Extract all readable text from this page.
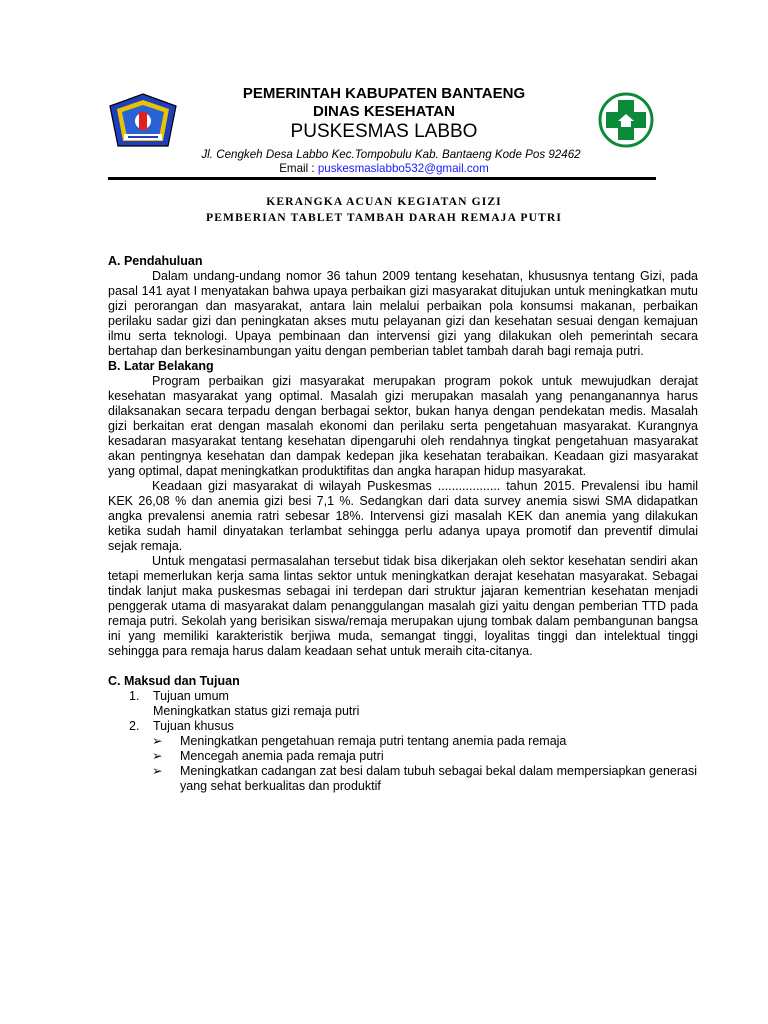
PEMERINTAH KABUPATEN BANTAENG
DINAS KESEHATAN
PUSKESMAS LABBO
Jl. Cengkeh Desa Labbo Kec.Tompobulu Kab. Bantaeng Kode Pos 92462
Email : puskesmaslabbo532@gmail.com
KERANGKA ACUAN KEGIATAN GIZI
PEMBERIAN TABLET TAMBAH DARAH REMAJA PUTRI

A. Pendahuluan

Dalam undang-undang nomor 36 tahun 2009 tentang kesehatan, khususnya tentang Gizi, pada pasal 141 ayat I menyatakan bahwa upaya perbaikan gizi masyarakat ditujukan untuk meningkatkan mutu gizi perorangan dan masyarakat, antara lain melalui perbaikan pola konsumsi makanan, perbaikan perilaku sadar gizi dan peningkatan akses mutu pelayanan gizi dan kesehatan sesuai dengan kemajuan ilmu serta teknologi. Upaya pembinaan dan intervensi gizi yang dilakukan oleh pemerintah secara bertahap dan berkesinambungan yaitu dengan pemberian tablet tambah darah bagi remaja putri.

B. Latar Belakang

Program perbaikan gizi masyarakat merupakan program pokok untuk mewujudkan derajat kesehatan masyarakat yang optimal. Masalah gizi merupakan masalah yang penanganannya harus dilaksanakan secara terpadu dengan berbagai sektor, bukan hanya dengan pendekatan medis. Masalah gizi berkaitan erat dengan masalah ekonomi dan perilaku serta pengetahuan masyarakat. Kurangnya kesadaran masyarakat tentang kesehatan dipengaruhi oleh rendahnya tingkat pengetahuan masyarakat akan pentingnya kesehatan dan dampak kedepan jika kesehatan terabaikan. Keadaan gizi masyarakat yang optimal, dapat meningkatkan produktifitas dan angka harapan hidup masyarakat.

Keadaan gizi masyarakat di wilayah Puskesmas .................. tahun 2015. Prevalensi ibu hamil KEK 26,08 % dan anemia gizi besi 7,1 %. Sedangkan dari data survey anemia siswi SMA didapatkan angka prevalensi anemia ratri sebesar 18%. Intervensi gizi masalah KEK dan anemia yang dilakukan ketika sudah hamil dinyatakan terlambat sehingga perlu adanya upaya promotif dan preventif dimulai sejak remaja.

Untuk mengatasi permasalahan tersebut tidak bisa dikerjakan oleh sektor kesehatan sendiri akan tetapi memerlukan kerja sama lintas sektor untuk meningkatkan derajat kesehatan masyarakat. Sebagai tindak lanjut maka puskesmas sebagai ini terdepan dari struktur jajaran kementrian kesehatan menjadi penggerak utama di masyarakat dalam penanggulangan masalah gizi yaitu dengan pemberian TTD pada remaja putri. Sekolah yang berisikan siswa/remaja merupakan ujung tombak dalam pembangunan bangsa ini yang memiliki karakteristik berjiwa muda, semangat tinggi, loyalitas tinggi dan intelektual tinggi sehingga para remaja harus dalam keadaan sehat untuk meraih cita-citanya.

C. Maksud dan Tujuan

1.	Tujuan umum

Meningkatkan status gizi remaja putri

2.	Tujuan khusus
➢ Meningkatkan pengetahuan remaja putri tentang anemia pada remaja
➢ Mencegah anemia pada remaja putri
➢ Meningkatkan cadangan zat besi dalam tubuh sebagai bekal dalam mempersiapkan generasi yang sehat berkualitas dan produktif
